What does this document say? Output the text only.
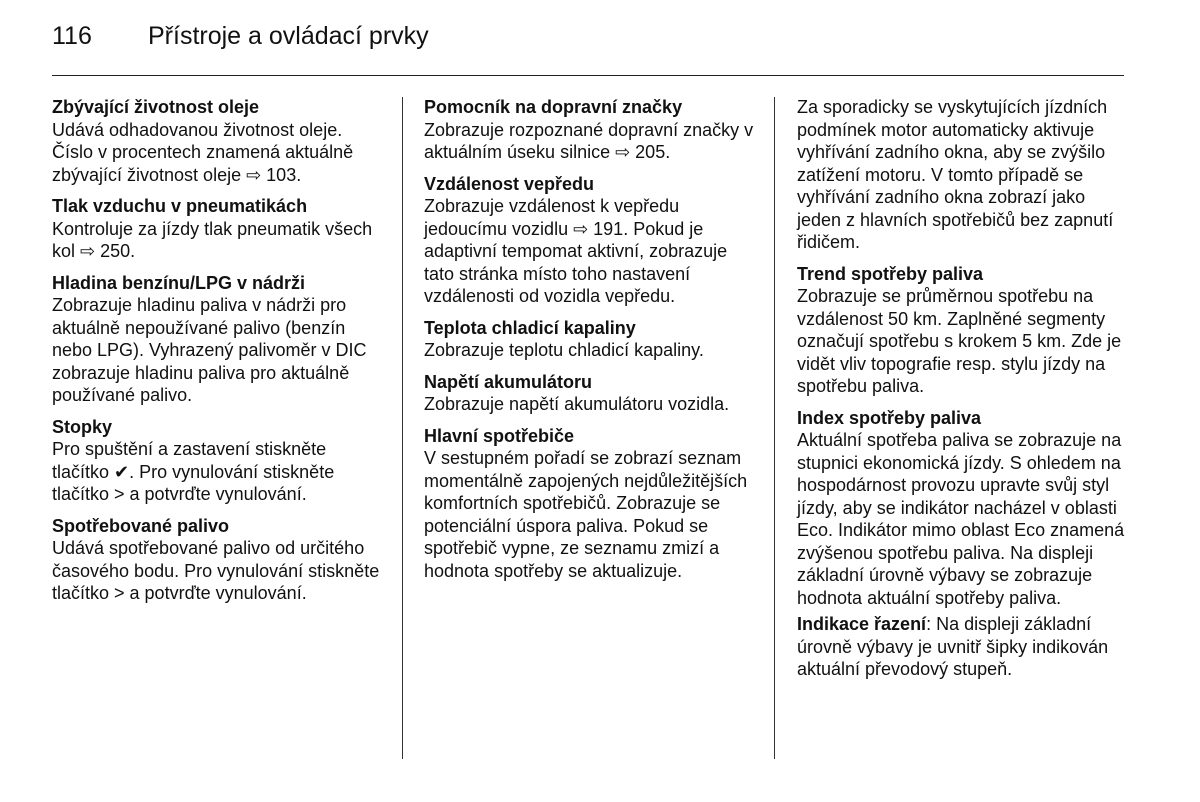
116 Přístroje a ovládací prvky
Zbývající životnost oleje

Udává odhadovanou životnost oleje. Číslo v procentech znamená aktuálně zbývající životnost oleje ⇨ 103.

Tlak vzduchu v pneumatikách

Kontroluje za jízdy tlak pneumatik všech kol ⇨ 250.

Hladina benzínu/LPG v nádrži

Zobrazuje hladinu paliva v nádrži pro aktuálně nepoužívané palivo (benzín nebo LPG). Vyhrazený palivoměr v DIC zobrazuje hladinu paliva pro aktuálně používané palivo.

Stopky

Pro spuštění a zastavení stiskněte tlačítko ✔. Pro vynulování stiskněte tlačítko > a potvrďte vynulování.

Spotřebované palivo

Udává spotřebované palivo od určitého časového bodu. Pro vynulování stiskněte tlačítko > a potvrďte vynulování.

Pomocník na dopravní značky

Zobrazuje rozpoznané dopravní značky v aktuálním úseku silnice ⇨ 205.

Vzdálenost vepředu

Zobrazuje vzdálenost k vepředu jedoucímu vozidlu ⇨ 191. Pokud je adaptivní tempomat aktivní, zobrazuje tato stránka místo toho nastavení vzdálenosti od vozidla vepředu.

Teplota chladicí kapaliny

Zobrazuje teplotu chladicí kapaliny.

Napětí akumulátoru

Zobrazuje napětí akumulátoru vozidla.

Hlavní spotřebiče

V sestupném pořadí se zobrazí seznam momentálně zapojených nejdůležitějších komfortních spotřebičů. Zobrazuje se potenciální úspora paliva. Pokud se spotřebič vypne, ze seznamu zmizí a hodnota spotřeby se aktualizuje.

Za sporadicky se vyskytujících jízdních podmínek motor automaticky aktivuje vyhřívání zadního okna, aby se zvýšilo zatížení motoru. V tomto případě se vyhřívání zadního okna zobrazí jako jeden z hlavních spotřebičů bez zapnutí řidičem.

Trend spotřeby paliva

Zobrazuje se průměrnou spotřebu na vzdálenost 50 km. Zaplněné segmenty označují spotřebu s krokem 5 km. Zde je vidět vliv topografie resp. stylu jízdy na spotřebu paliva.

Index spotřeby paliva

Aktuální spotřeba paliva se zobrazuje na stupnici ekonomická jízdy. S ohledem na hospodárnost provozu upravte svůj styl jízdy, aby se indikátor nacházel v oblasti Eco. Indikátor mimo oblast Eco znamená zvýšenou spotřebu paliva. Na displeji základní úrovně výbavy se zobrazuje hodnota aktuální spotřeby paliva.

Indikace řazení: Na displeji základní úrovně výbavy je uvnitř šipky indikován aktuální převodový stupeň.
